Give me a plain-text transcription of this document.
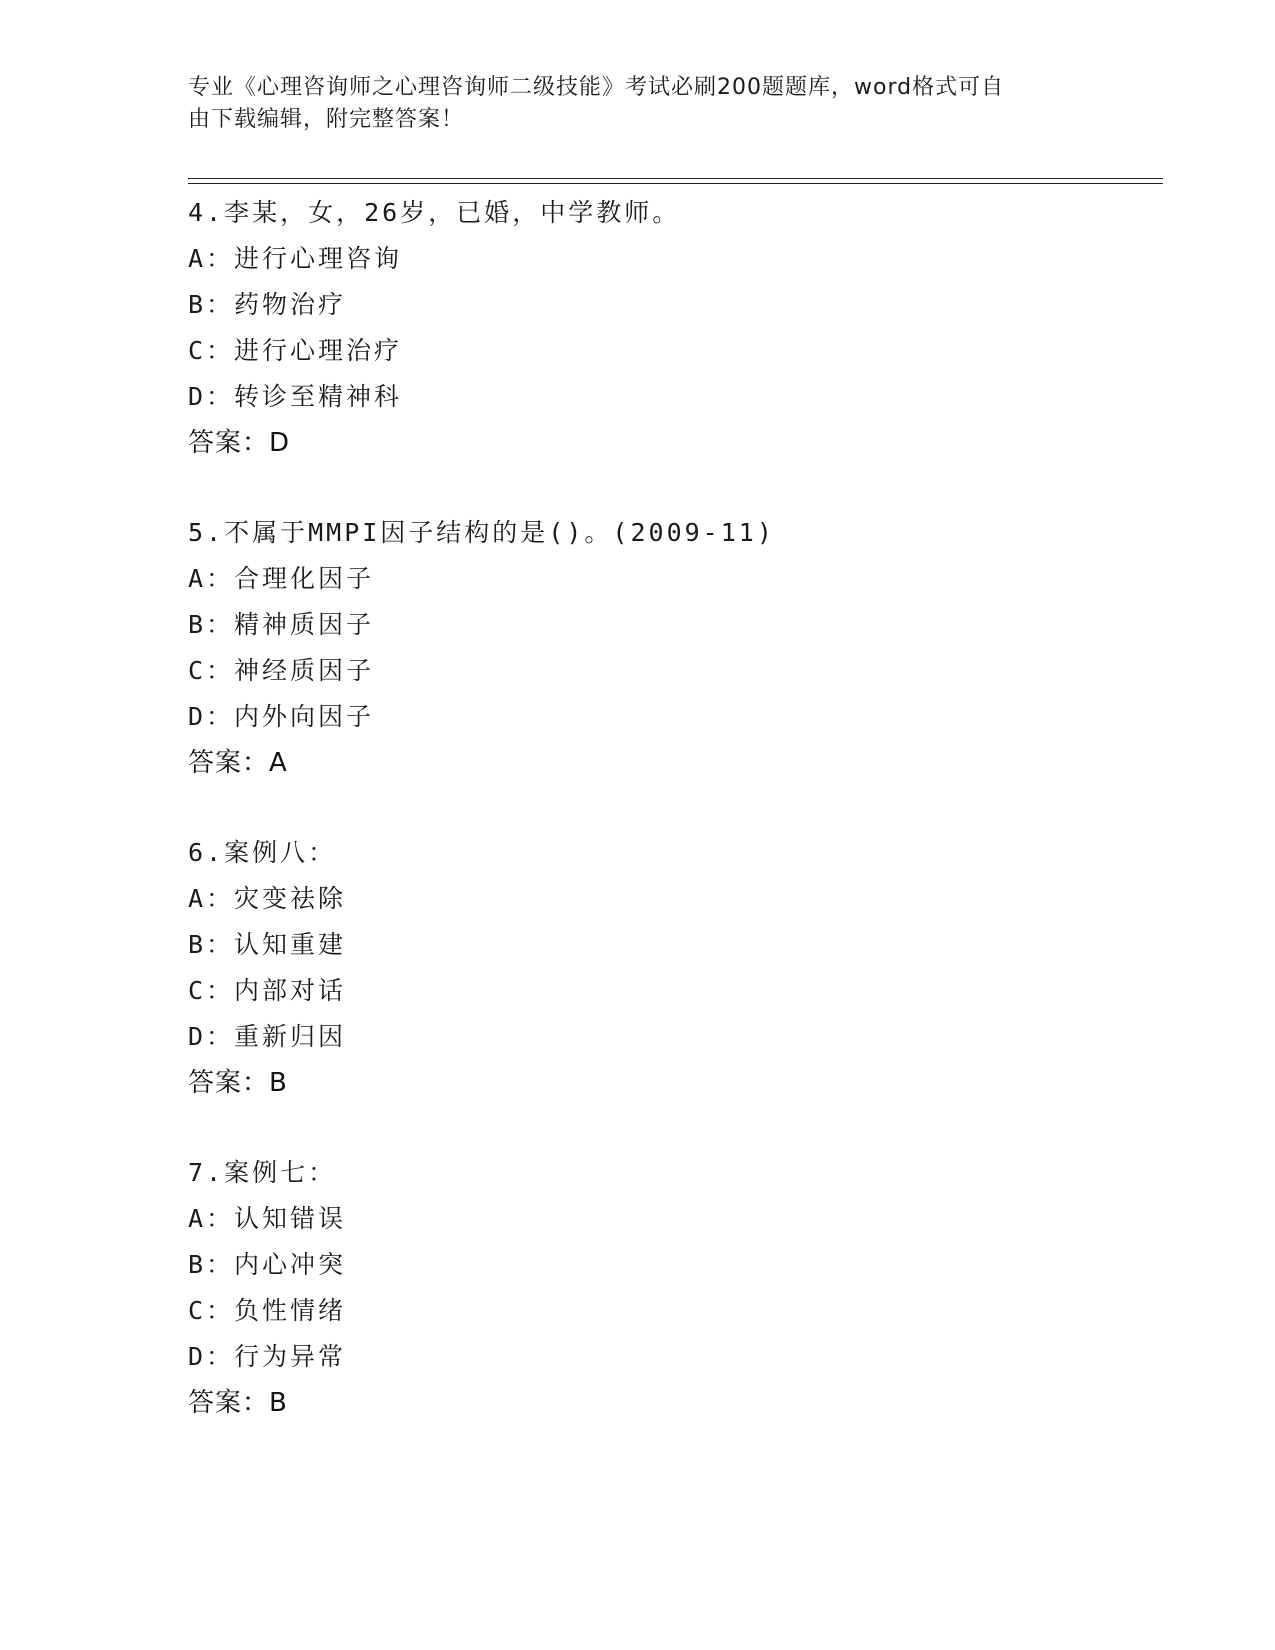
专业《心理咨询师之心理咨询师二级技能》考试必刷200题题库，word格式可自
由下载编辑，附完整答案！
4.李某，女，26岁，已婚，中学教师。
A：进行心理咨询
B：药物治疗
C：进行心理治疗
D：转诊至精神科
答案：D
5.不属于MMPI因子结构的是()。(2009-11)
A：合理化因子
B：精神质因子
C：神经质因子
D：内外向因子
答案：A
6.案例八：
A：灾变祛除
B：认知重建
C：内部对话
D：重新归因
答案：B
7.案例七：
A：认知错误
B：内心冲突
C：负性情绪
D：行为异常
答案：B
